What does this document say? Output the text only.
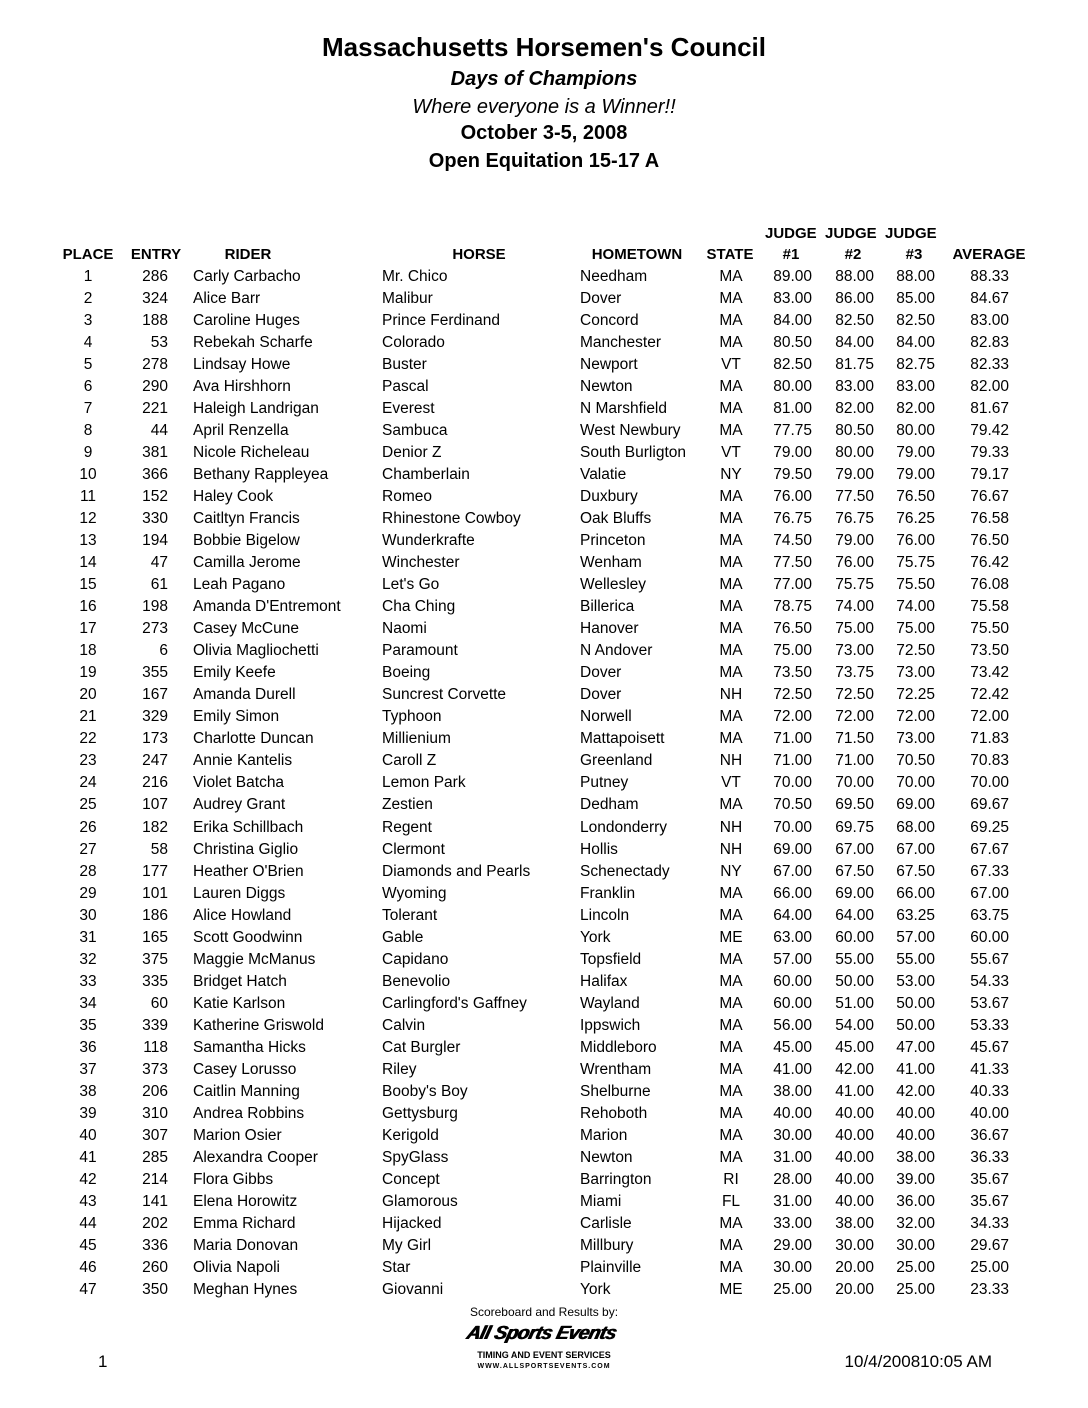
Massachusetts Horsemen's Council
Days of Champions
Where everyone is a Winner!!
October 3-5, 2008
Open Equitation 15-17 A
JUDGE JUDGE JUDGE
PLACE ENTRY	RIDER	HORSE	HOMETOWN STATE #1	#2	#3 AVERAGE
1	286 Carly Carbacho	Mr. Chico	Needham	MA 89.00 88.00 88.00 88.33
2	324 Alice Barr	Malibur	Dover	MA 83.00 86.00 85.00 84.67
3	188 Caroline Huges	Prince Ferdinand	Concord	MA 84.00 82.50 82.50 83.00
4	53 Rebekah Scharfe	Colorado	Manchester	MA 80.50 84.00 84.00 82.83
5	278 Lindsay Howe	Buster	Newport	VT 82.50 81.75 82.75 82.33
6	290 Ava Hirshhorn	Pascal	Newton	MA 80.00 83.00 83.00 82.00
7	221 Haleigh Landrigan	Everest	N Marshfield	MA 81.00 82.00 82.00 81.67
8	44 April Renzella	Sambuca	West Newbury	MA 77.75 80.50 80.00 79.42
9	381 Nicole Richeleau	Denior Z	South Burligton VT 79.00 80.00 79.00 79.33
10	366 Bethany Rappleyea	Chamberlain	Valatie	NY 79.50 79.00 79.00 79.17
11	152 Haley Cook	Romeo	Duxbury	MA 76.00 77.50 76.50 76.67
12	330 Caitltyn Francis	Rhinestone Cowboy	Oak Bluffs	MA 76.75 76.75 76.25 76.58
13	194 Bobbie Bigelow	Wunderkrafte	Princeton	MA 74.50 79.00 76.00 76.50
14	47 Camilla Jerome	Winchester	Wenham	MA 77.50 76.00 75.75 76.42
15	61 Leah Pagano	Let's Go	Wellesley	MA 77.00 75.75 75.50 76.08
16	198 Amanda D'Entremont	Cha Ching	Billerica	MA 78.75 74.00 74.00 75.58
17	273 Casey McCune	Naomi	Hanover	MA 76.50 75.00 75.00 75.50
18	6 Olivia Magliochetti	Paramount	N Andover	MA 75.00 73.00 72.50 73.50
19	355 Emily Keefe	Boeing	Dover	MA 73.50 73.75 73.00 73.42
20	167 Amanda Durell	Suncrest Corvette	Dover	NH 72.50 72.50 72.25 72.42
21	329 Emily Simon	Typhoon	Norwell	MA 72.00 72.00 72.00 72.00
22	173 Charlotte Duncan	Millienium	Mattapoisett	MA 71.00 71.50 73.00 71.83
23	247 Annie Kantelis	Caroll Z	Greenland	NH 71.00 71.00 70.50 70.83
24	216 Violet Batcha	Lemon Park	Putney	VT 70.00 70.00 70.00 70.00
25	107 Audrey Grant	Zestien	Dedham	MA 70.50 69.50 69.00 69.67
26	182 Erika Schillbach	Regent	Londonderry	NH 70.00 69.75 68.00 69.25
27	58 Christina Giglio	Clermont	Hollis	NH 69.00 67.00 67.00 67.67
28	177 Heather O'Brien	Diamonds and Pearls	Schenectady	NY 67.00 67.50 67.50 67.33
29	101 Lauren Diggs	Wyoming	Franklin	MA 66.00 69.00 66.00 67.00
30	186 Alice Howland	Tolerant	Lincoln	MA 64.00 64.00 63.25 63.75
31	165 Scott Goodwinn	Gable	York	ME 63.00 60.00 57.00 60.00
32	375 Maggie McManus	Capidano	Topsfield	MA 57.00 55.00 55.00 55.67
33	335 Bridget Hatch	Benevolio	Halifax	MA 60.00 50.00 53.00 54.33
34	60 Katie Karlson	Carlingford's Gaffney	Wayland	MA 60.00 51.00 50.00 53.67
35	339 Katherine Griswold	Calvin	Ippswich	MA 56.00 54.00 50.00 53.33
36	118 Samantha Hicks	Cat Burgler	Middleboro	MA 45.00 45.00 47.00 45.67
37	373 Casey Lorusso	Riley	Wrentham	MA 41.00 42.00 41.00 41.33
38	206 Caitlin Manning	Booby's Boy	Shelburne	MA 38.00 41.00 42.00 40.33
39	310 Andrea Robbins	Gettysburg	Rehoboth	MA 40.00 40.00 40.00 40.00
40	307 Marion Osier	Kerigold	Marion	MA 30.00 40.00 40.00 36.67
41	285 Alexandra Cooper	SpyGlass	Newton	MA 31.00 40.00 38.00 36.33
42	214 Flora Gibbs	Concept	Barrington	RI 28.00 40.00 39.00 35.67
43	141 Elena Horowitz	Glamorous	Miami	FL 31.00 40.00 36.00 35.67
44	202 Emma Richard	Hijacked	Carlisle	MA 33.00 38.00 32.00 34.33
45	336 Maria Donovan	My Girl	Millbury	MA 29.00 30.00 30.00 29.67
46	260 Olivia Napoli	Star	Plainville	MA 30.00 20.00 25.00 25.00
47	350 Meghan Hynes	Giovanni	York	ME 25.00 20.00 25.00 23.33
Scoreboard and Results by:
All Sports Events
TIMING AND EVENT SERVICES
WWW.ALLSPORTSEVENTS.COM
1	10/4/200810:05 AM
